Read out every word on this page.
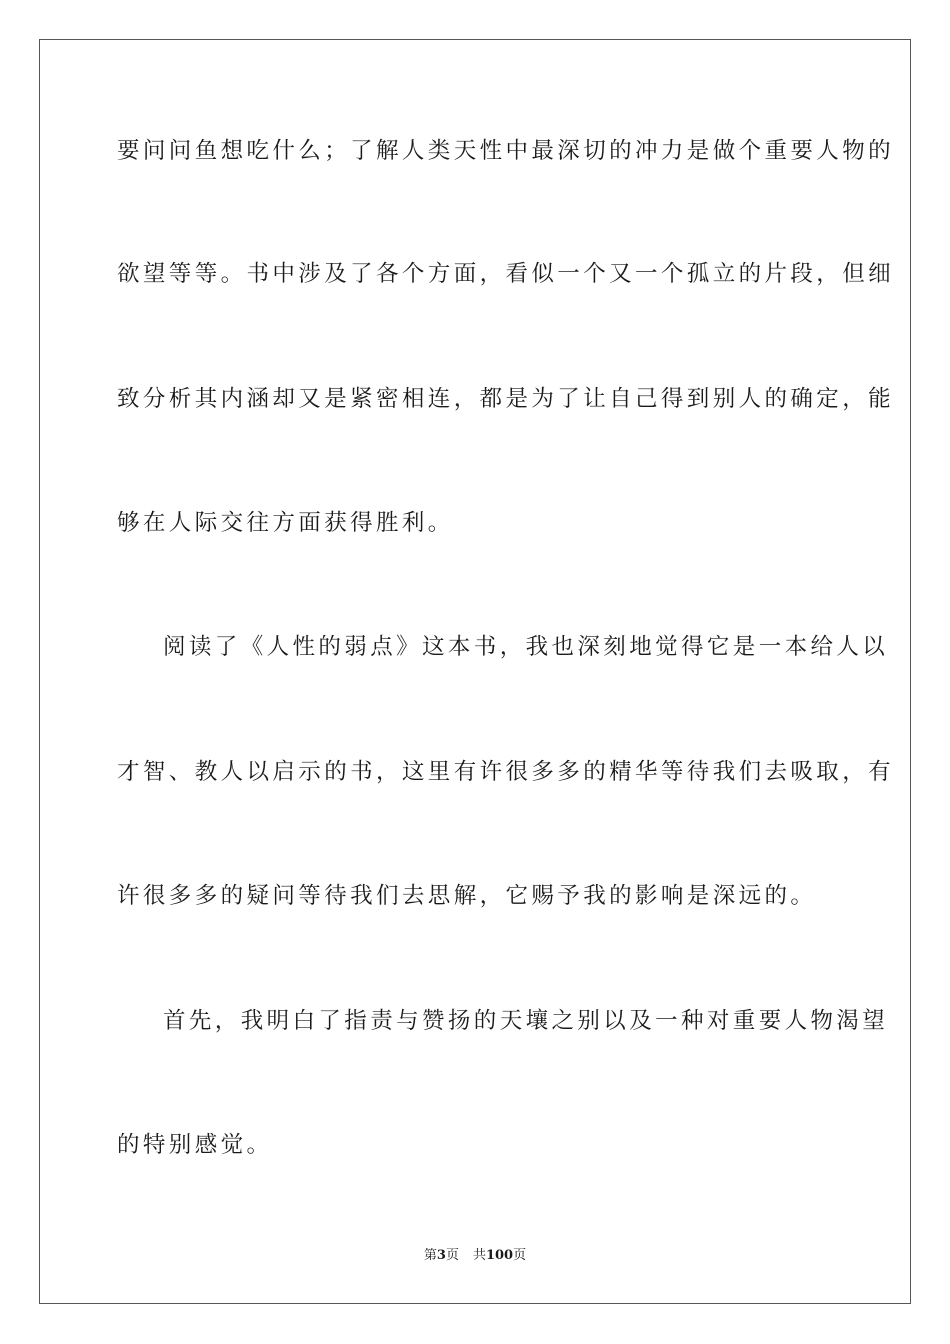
要问问鱼想吃什么；了解人类天性中最深切的冲力是做个重要人物的
欲望等等。书中涉及了各个方面，看似一个又一个孤立的片段，但细
致分析其内涵却又是紧密相连，都是为了让自己得到别人的确定，能
够在人际交往方面获得胜利。
阅读了《人性的弱点》这本书，我也深刻地觉得它是一本给人以
才智、教人以启示的书，这里有许很多多的精华等待我们去吸取，有
许很多多的疑问等待我们去思解，它赐予我的影响是深远的。
首先，我明白了指责与赞扬的天壤之别以及一种对重要人物渴望
的特别感觉。
第3页 共100页
